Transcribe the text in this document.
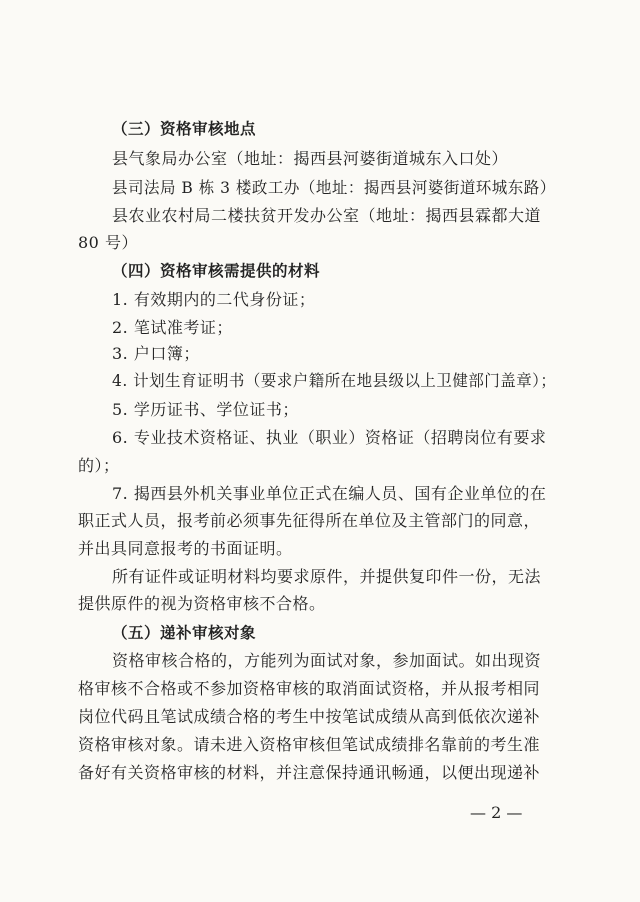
（三）资格审核地点
县气象局办公室（地址：揭西县河婆街道城东入口处）
县司法局 B 栋 3 楼政工办（地址：揭西县河婆街道环城东路）
县农业农村局二楼扶贫开发办公室（地址：揭西县霖都大道
80 号）
（四）资格审核需提供的材料
1. 有效期内的二代身份证；
2. 笔试准考证；
3. 户口簿；
4. 计划生育证明书（要求户籍所在地县级以上卫健部门盖章）；
5. 学历证书、学位证书；
6. 专业技术资格证、执业（职业）资格证（招聘岗位有要求
的）；
7. 揭西县外机关事业单位正式在编人员、国有企业单位的在
职正式人员，报考前必须事先征得所在单位及主管部门的同意，
并出具同意报考的书面证明。
所有证件或证明材料均要求原件，并提供复印件一份，无法
提供原件的视为资格审核不合格。
（五）递补审核对象
资格审核合格的，方能列为面试对象，参加面试。如出现资
格审核不合格或不参加资格审核的取消面试资格，并从报考相同
岗位代码且笔试成绩合格的考生中按笔试成绩从高到低依次递补
资格审核对象。请未进入资格审核但笔试成绩排名靠前的考生准
备好有关资格审核的材料，并注意保持通讯畅通，以便出现递补
— 2 —
